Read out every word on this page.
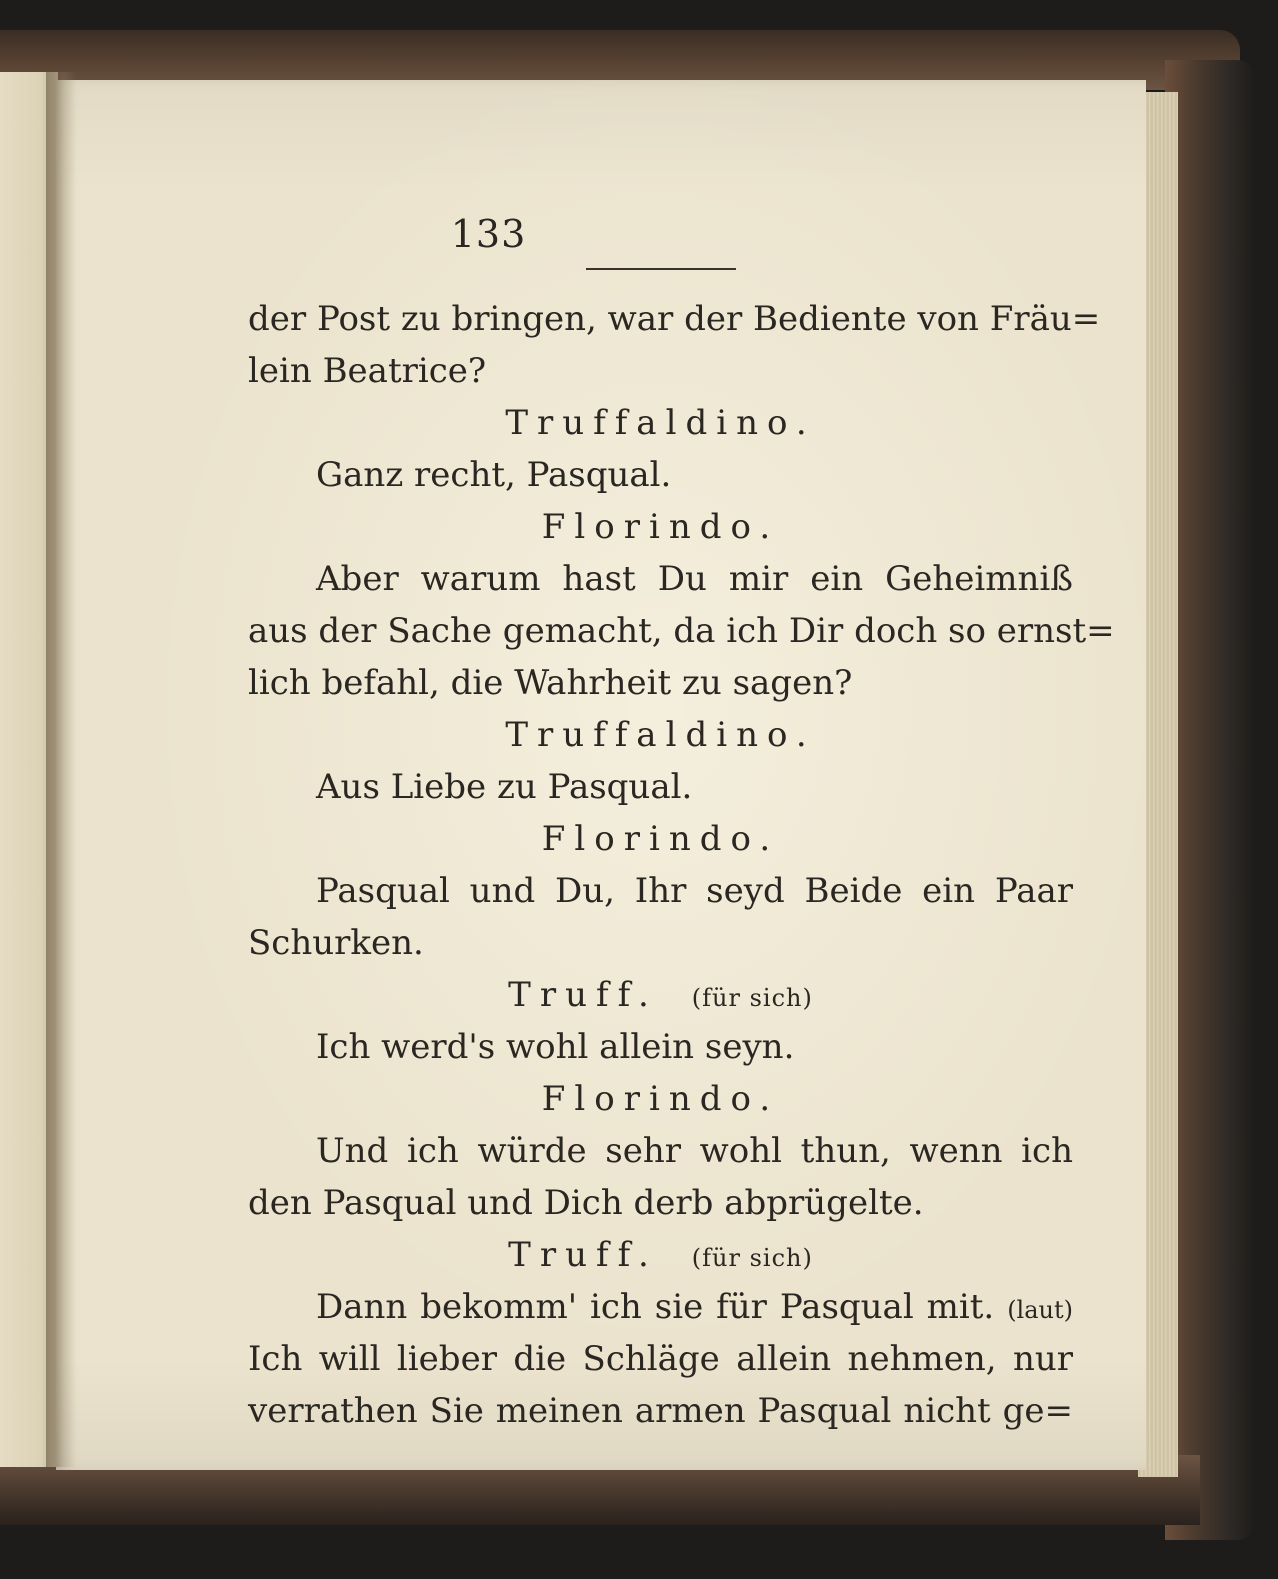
133
der Post zu bringen, war der Bediente von Fräu=
lein Beatrice?
Truffaldino.
Ganz recht, Pasqual.
Florindo.
Aber warum hast Du mir ein Geheimniß
aus der Sache gemacht, da ich Dir doch so ernst=
lich befahl, die Wahrheit zu sagen?
Truffaldino.
Aus Liebe zu Pasqual.
Florindo.
Pasqual und Du, Ihr seyd Beide ein Paar
Schurken.
Truff. (für sich)
Ich werd's wohl allein seyn.
Florindo.
Und ich würde sehr wohl thun, wenn ich
den Pasqual und Dich derb abprügelte.
Truff. (für sich)
Dann bekomm' ich sie für Pasqual mit. (laut)
Ich will lieber die Schläge allein nehmen, nur
verrathen Sie meinen armen Pasqual nicht ge=
